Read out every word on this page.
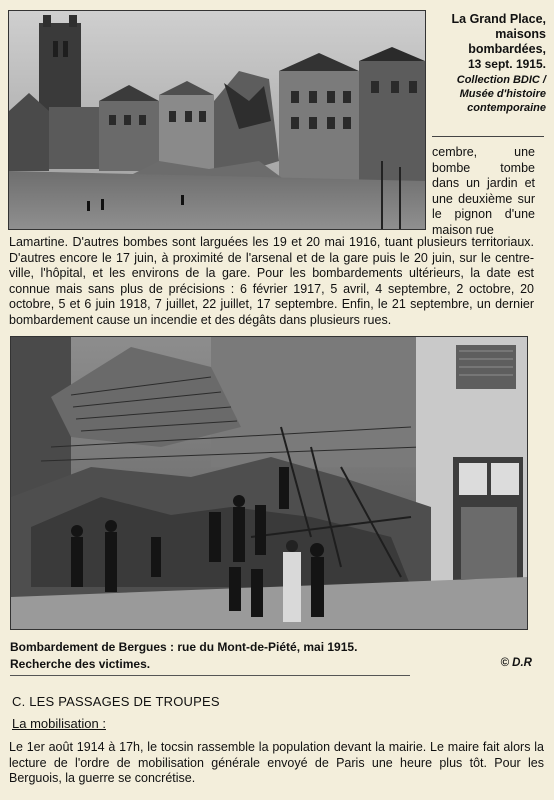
La Grand Place, maisons bombardées,
13 sept. 1915.
Collection BDIC / Musée d'histoire contemporaine
cembre, une bombe tombe dans un jardin et une deuxième sur le pignon d'une maison rue
Lamartine. D'autres bombes sont larguées les 19 et 20 mai 1916, tuant plusieurs territoriaux. D'autres encore le 17 juin, à proximité de l'arsenal et de la gare puis le 20 juin, sur le centre-ville, l'hôpital, et les environs de la gare. Pour les bombardements ultérieurs, la date est connue mais sans plus de précisions : 6 février 1917, 5 avril, 4 septembre, 2 octobre, 20 octobre, 5 et 6 juin 1918, 7 juillet, 22 juillet, 17 septembre. Enfin, le 21 septembre, un dernier bombardement cause un incendie et des dégâts dans plusieurs rues.
Bombardement de Bergues : rue du Mont-de-Piété, mai 1915.
Recherche des victimes.	© D.R
C. LES PASSAGES DE TROUPES
La mobilisation :
Le 1er août 1914 à 17h, le tocsin rassemble la population devant la mairie. Le maire fait alors la lecture de l'ordre de mobilisation générale envoyé de Paris une heure plus tôt. Pour les Berguois, la guerre se concrétise.
